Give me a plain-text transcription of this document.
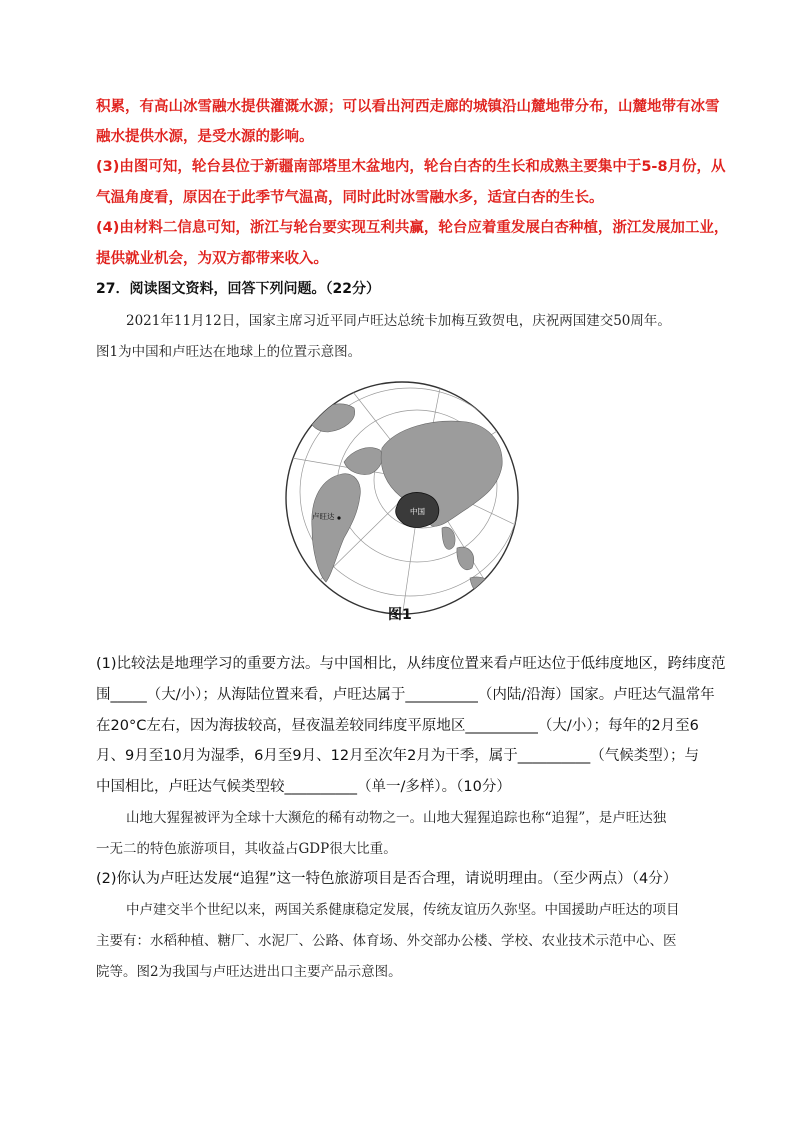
积累，有高山冰雪融水提供灌溉水源；可以看出河西走廊的城镇沿山麓地带分布，山麓地带有冰雪
融水提供水源，是受水源的影响。
(3)由图可知，轮台县位于新疆南部塔里木盆地内，轮台白杏的生长和成熟主要集中于5-8月份，从
气温角度看，原因在于此季节气温高，同时此时冰雪融水多，适宜白杏的生长。
(4)由材料二信息可知，浙江与轮台要实现互利共赢，轮台应着重发展白杏种植，浙江发展加工业，
提供就业机会，为双方都带来收入。
27．阅读图文资料，回答下列问题。（22分）
2021年11月12日，国家主席习近平同卢旺达总统卡加梅互致贺电，庆祝两国建交50周年。
图1为中国和卢旺达在地球上的位置示意图。
中国
卢旺达
图1
(1)比较法是地理学习的重要方法。与中国相比，从纬度位置来看卢旺达位于低纬度地区，跨纬度范
围_____（大/小）；从海陆位置来看，卢旺达属于__________（内陆/沿海）国家。卢旺达气温常年
在20°C左右，因为海拔较高，昼夜温差较同纬度平原地区__________（大/小）；每年的2月至6
月、9月至10月为湿季，6月至9月、12月至次年2月为干季，属于__________（气候类型）；与
中国相比，卢旺达气候类型较__________（单一/多样）。（10分）
山地大猩猩被评为全球十大濒危的稀有动物之一。山地大猩猩追踪也称“追猩”，是卢旺达独
一无二的特色旅游项目，其收益占GDP很大比重。
(2)你认为卢旺达发展“追猩”这一特色旅游项目是否合理，请说明理由。（至少两点）（4分）
中卢建交半个世纪以来，两国关系健康稳定发展，传统友谊历久弥坚。中国援助卢旺达的项目
主要有：水稻种植、糖厂、水泥厂、公路、体育场、外交部办公楼、学校、农业技术示范中心、医
院等。图2为我国与卢旺达进出口主要产品示意图。
